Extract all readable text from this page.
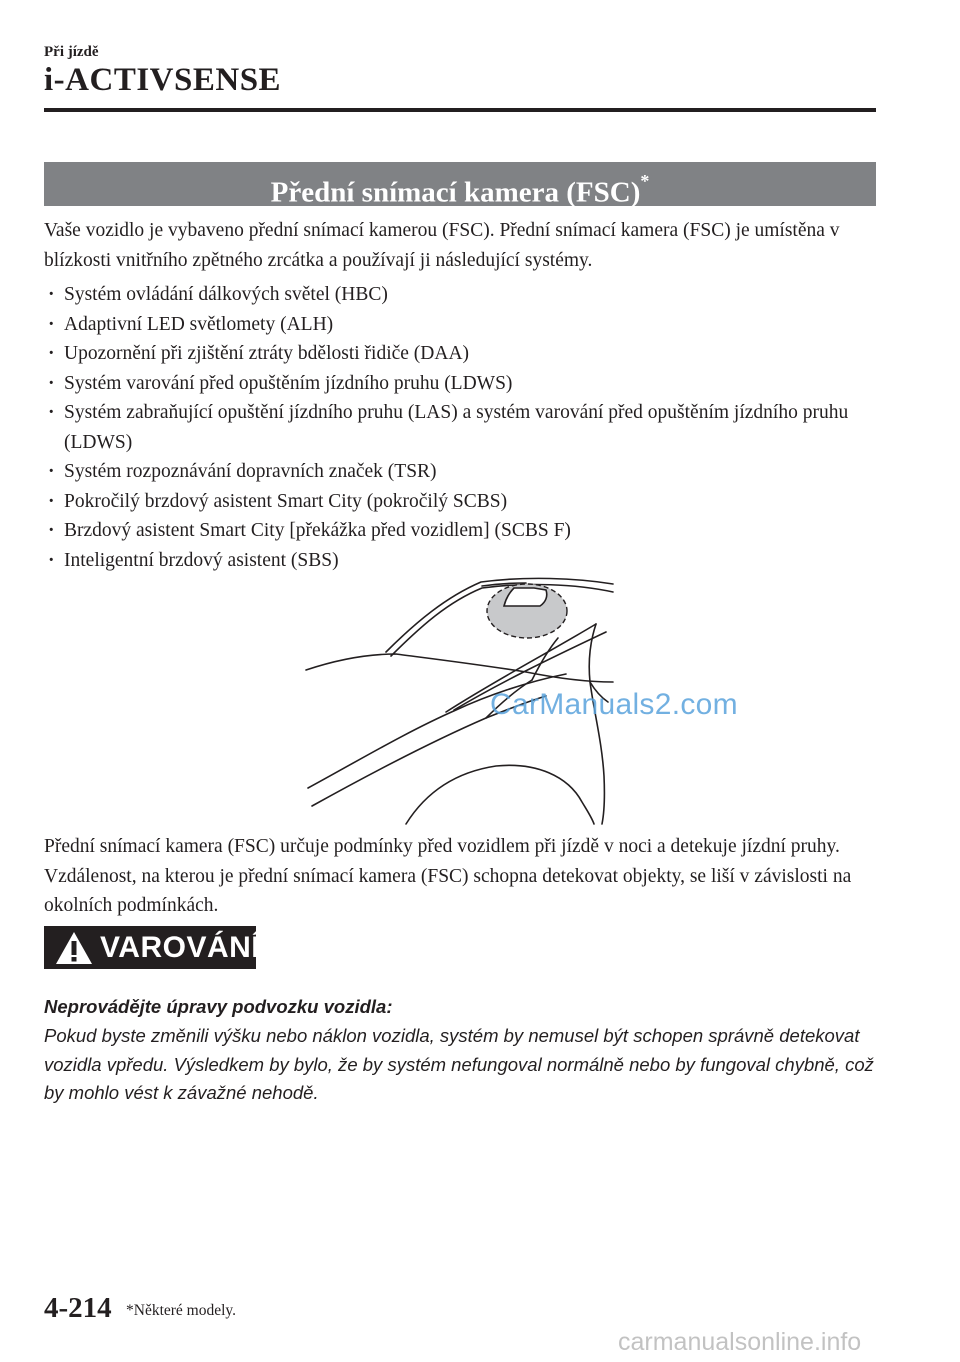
Při jízdě
i-ACTIVSENSE
Přední snímací kamera (FSC)*
Vaše vozidlo je vybaveno přední snímací kamerou (FSC). Přední snímací kamera (FSC) je umístěna v blízkosti vnitřního zpětného zrcátka a používají ji následující systémy.
· Systém ovládání dálkových světel (HBC)
· Adaptivní LED světlomety (ALH)
· Upozornění při zjištění ztráty bdělosti řidiče (DAA)
· Systém varování před opuštěním jízdního pruhu (LDWS)
· Systém zabraňující opuštění jízdního pruhu (LAS) a systém varování před opuštěním jízdního pruhu (LDWS)
· Systém rozpoznávání dopravních značek (TSR)
· Pokročilý brzdový asistent Smart City (pokročilý SCBS)
· Brzdový asistent Smart City [překážka před vozidlem] (SCBS F)
· Inteligentní brzdový asistent (SBS)
CarManuals2.com
Přední snímací kamera (FSC) určuje podmínky před vozidlem při jízdě v noci a detekuje jízdní pruhy. Vzdálenost, na kterou je přední snímací kamera (FSC) schopna detekovat objekty, se liší v závislosti na okolních podmínkách.
VAROVÁNÍ
Neprovádějte úpravy podvozku vozidla:
Pokud byste změnili výšku nebo náklon vozidla, systém by nemusel být schopen správně detekovat vozidla vpředu. Výsledkem by bylo, že by systém nefungoval normálně nebo by fungoval chybně, což by mohlo vést k závažné nehodě.
4-214 *Některé modely.
carmanualsonline.info
